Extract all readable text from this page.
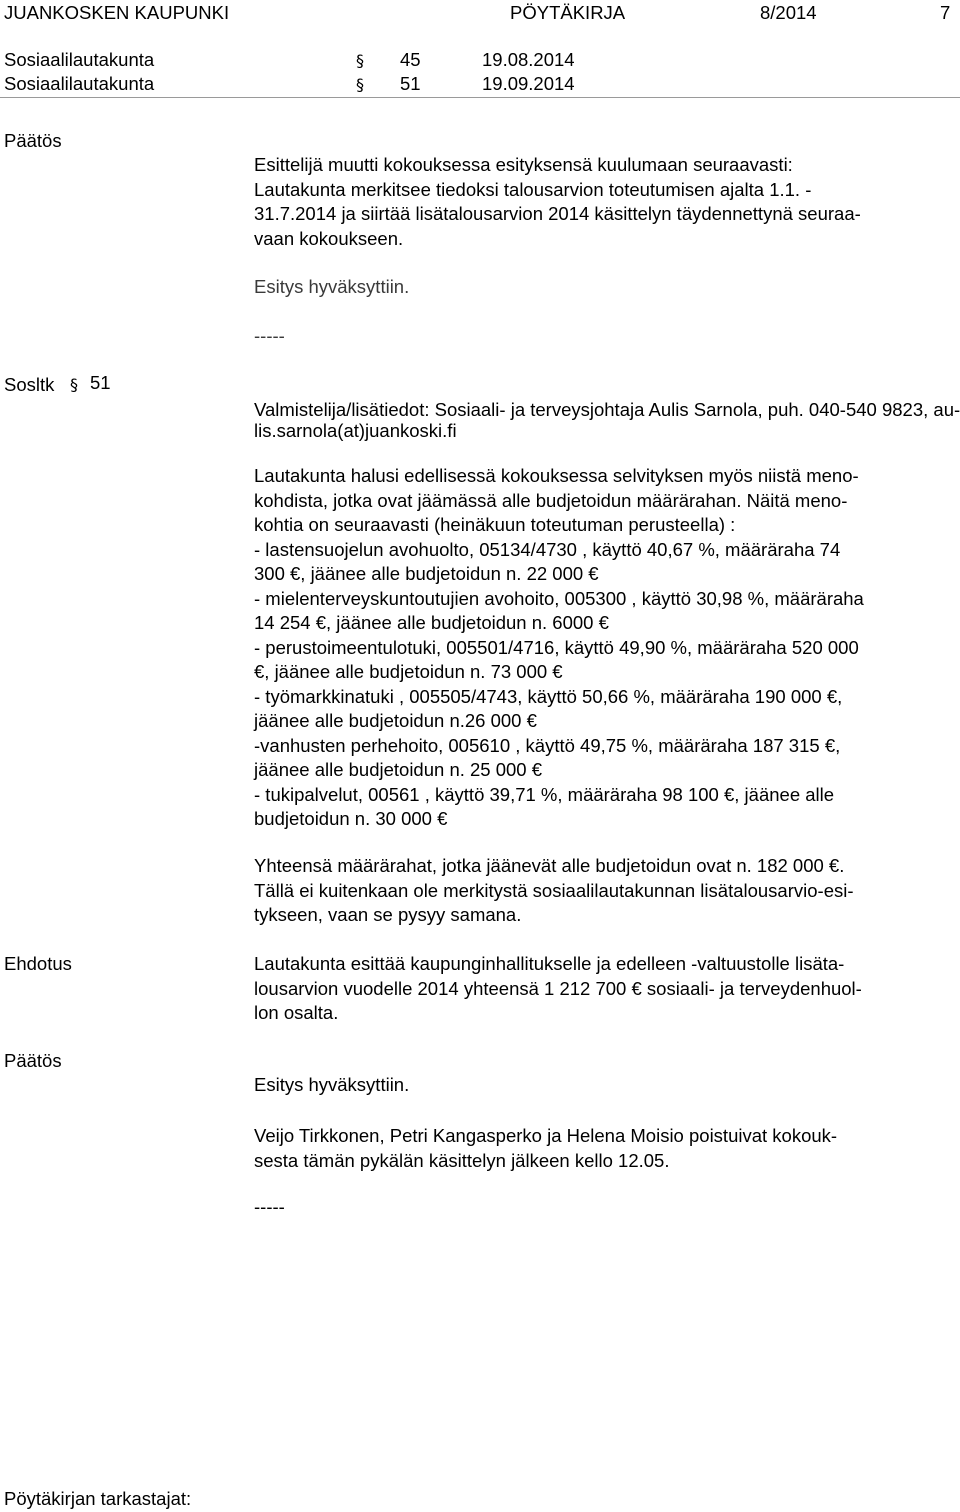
JUANKOSKEN KAUPUNKI	PÖYTÄKIRJA	8/2014	7
Sosiaalilautakunta	§ 45	19.08.2014
Sosiaalilautakunta	§ 51	19.09.2014
Päätös
Esittelijä muutti kokouksessa esityksensä kuulumaan seuraavasti:
Lautakunta merkitsee tiedoksi talousarvion toteutumisen ajalta 1.1. -
31.7.2014 ja siirtää lisätalousarvion 2014 käsittelyn täydennettynä seuraa-
vaan kokoukseen.
Esitys hyväksyttiin.
-----
Sosltk § 51
Valmistelija/lisätiedot: Sosiaali- ja terveysjohtaja Aulis Sarnola, puh. 040-540 9823, au-
lis.sarnola(at)juankoski.fi
Lautakunta halusi edellisessä kokouksessa selvityksen myös niistä meno-
kohdista, jotka ovat jäämässä alle budjetoidun määrärahan. Näitä meno-
kohtia on seuraavasti (heinäkuun toteutuman perusteella) :
- lastensuojelun avohuolto, 05134/4730 , käyttö 40,67 %, määräraha 74
300 €, jäänee alle budjetoidun n. 22 000 €
- mielenterveyskuntoutujien avohoito, 005300 , käyttö 30,98 %, määräraha
14 254 €, jäänee alle budjetoidun n. 6000 €
- perustoimeentulotuki, 005501/4716, käyttö 49,90 %, määräraha 520 000
€, jäänee alle budjetoidun n. 73 000 €
- työmarkkinatuki , 005505/4743, käyttö 50,66 %, määräraha 190 000 €,
jäänee alle budjetoidun n.26 000 €
-vanhusten perhehoito, 005610 , käyttö 49,75 %, määräraha 187 315 €,
jäänee alle budjetoidun n. 25 000 €
- tukipalvelut, 00561 , käyttö 39,71 %, määräraha 98 100 €, jäänee alle
budjetoidun n. 30 000 €
Yhteensä määrärahat, jotka jäänevät alle budjetoidun ovat n. 182 000 €.
Tällä ei kuitenkaan ole merkitystä sosiaalilautakunnan lisätalousarvio-esi-
tykseen, vaan se pysyy samana.
Ehdotus	Lautakunta esittää kaupunginhallitukselle ja edelleen -valtuustolle lisäta-
lousarvion vuodelle 2014 yhteensä 1 212 700 € sosiaali- ja terveydenhuol-
lon osalta.
Päätös
Esitys hyväksyttiin.
Veijo Tirkkonen, Petri Kangasperko ja Helena Moisio poistuivat kokouk-
sesta tämän pykälän käsittelyn jälkeen kello 12.05.
-----
Pöytäkirjan tarkastajat:
